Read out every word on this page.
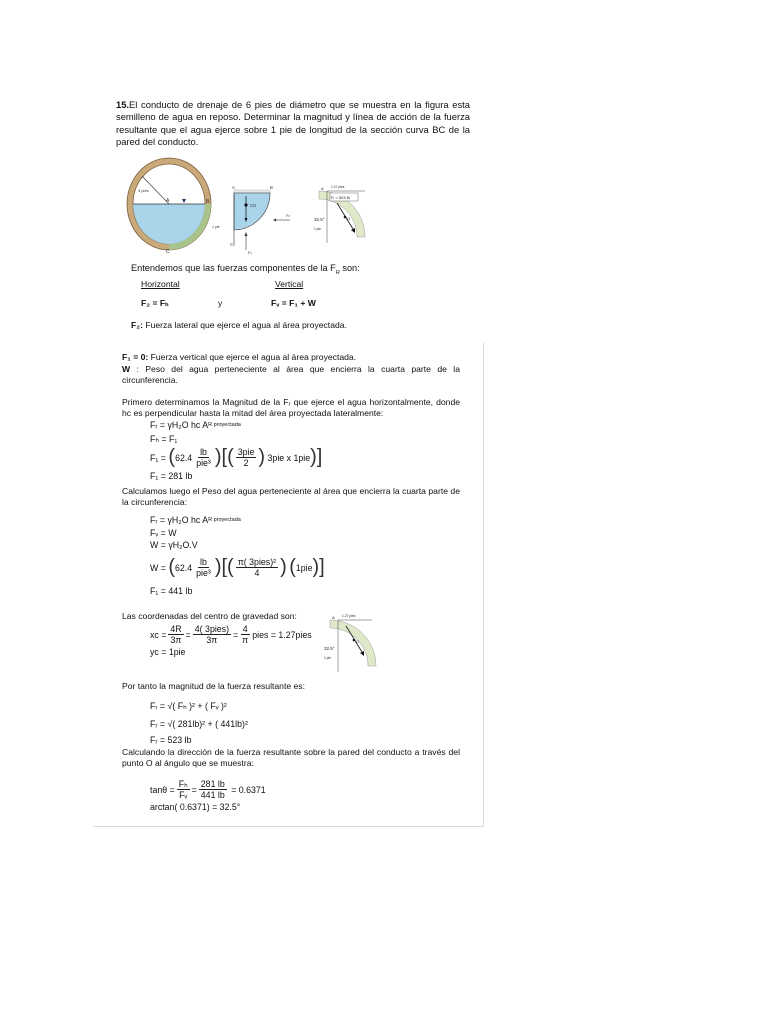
15.El conducto de drenaje de 6 pies de diámetro que se muestra en la figura esta semilleno de agua en reposo. Determinar la magnitud y línea de acción de la fuerza resultante que el agua ejerce sobre 1 pie de longitud de la sección curva BC de la pared del conducto.
3 pies
A	B
C
CG
Fₕ
Fᵥ
A	B
C
1 pie
Fᵣ = 523 lb
1.27 pies
O
32.5°
1 pie
A
Entendemos que las fuerzas componentes de la $F_R$ son:
Horizontal	Vertical
F₂ = Fₕ	y	Fᵥ = F₁ + W
F₂: Fuerza lateral que ejerce el agua al área proyectada.
F₁ = 0: Fuerza vertical que ejerce el agua al área proyectada.
W : Peso del agua perteneciente al área que encierra la cuarta parte de la circunferencia.
Primero determinamos la Magnitud de la Fᵣ que ejerce el agua horizontalmente, donde hc es perpendicular hasta la mitad del área proyectada lateralmente:
Fᵣ =
γH₂O hc A R proyectada
Fₕ = F₁
F₁ =
( $62.4 \frac{lb}{\text{pie³}}$ ) [ ( $\frac{\text{3pie}}{2}$ )
3pie x 1pie ) ]
F₁ = 281 lb
Calculamos luego el Peso del agua perteneciente al área que encierra la cuarta parte de la circunferencia:
Fᵣ =
γH₂O hc A R proyectada
Fᵥ = W
W = γH₂O.V
W =
( $62.4 \frac{lb}{\text{pie³}}$ ) [ ( $\frac{\text{π( 3pies)²}}{4}$ )
( 1pie ) ]
F₁ = 441 lb
Las coordenadas del centro de gravedad son:
xc = $\frac{4R}{3\pi} = \frac{\text{4( 3pies)}}{3\pi} = \frac{4}{\pi}$ pies = 1.27pies
yc = 1pie
1.27 pies
O
32.5°
1 pie
A
Por tanto la magnitud de la fuerza resultante es:
Fᵣ = √( Fₕ )² + ( Fᵥ )²
Fᵣ = √( 281lb)² + ( 441lb)²
Fᵣ = 523 lb
Calculando la dirección de la fuerza resultante sobre la pared del conducto a través del punto O al ángulo que se muestra:
$\tan\theta = \frac{\text{Fₕ}}{\text{Fᵥ}} = \frac{281 lb}{441 lb}$
= 0.6371
arctan( 0.6371) = 32.5°
